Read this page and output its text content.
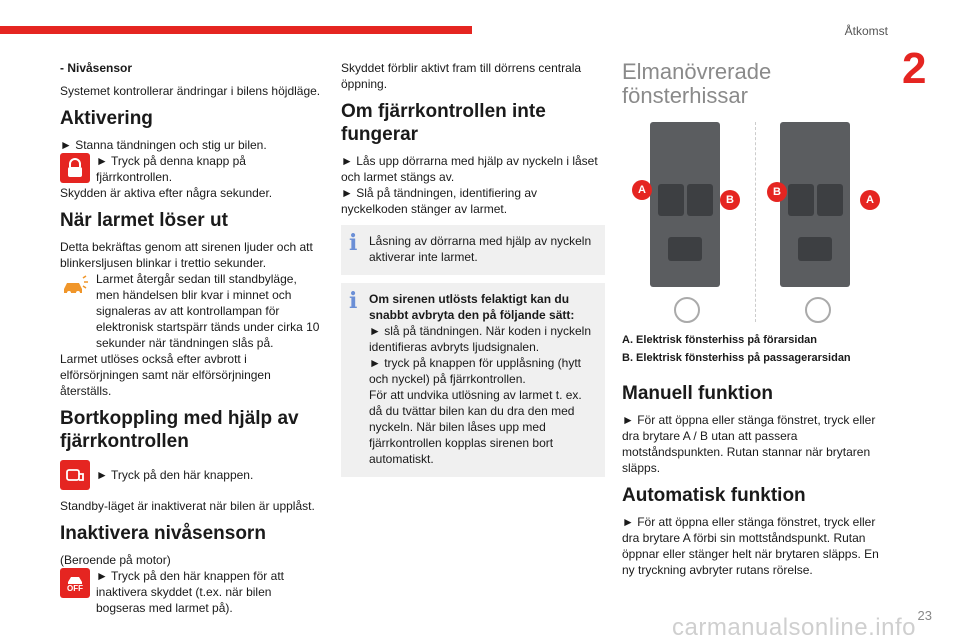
Åtkomst
2

- Nivåsensor

Systemet kontrollerar ändringar i bilens höjdläge.

Aktivering

► Stanna tändningen och stig ur bilen.

► Tryck på denna knapp på fjärrkontrollen.

Skydden är aktiva efter några sekunder.

När larmet löser ut

Detta bekräftas genom att sirenen ljuder och att blinkersljusen blinkar i trettio sekunder.

Larmet återgår sedan till standbyläge, men händelsen blir kvar i minnet och signaleras av att kontrollampan för elektronisk startspärr tänds under cirka 10 sekunder när tändningen slås på.

Larmet utlöses också efter avbrott i elförsörjningen samt när elförsörjningen återställs.

Bortkoppling med hjälp av fjärrkontrollen

► Tryck på den här knappen.

Standby-läget är inaktiverat när bilen är upplåst.

Inaktivera nivåsensorn

(Beroende på motor)

OFF

► Tryck på den här knappen för att inaktivera skyddet (t.ex. när bilen bogseras med larmet på).

Skyddet förblir aktivt fram till dörrens centrala öppning.

Om fjärrkontrollen inte fungerar

► Lås upp dörrarna med hjälp av nyckeln i låset och larmet stängs av.

► Slå på tändningen, identifiering av nyckelkoden stänger av larmet.

i Låsning av dörrarna med hjälp av nyckeln aktiverar inte larmet.

i Om sirenen utlösts felaktigt kan du snabbt avbryta den på följande sätt:

► slå på tändningen. När koden i nyckeln identifieras avbryts ljudsignalen.

► tryck på knappen för upplåsning (hytt och nyckel) på fjärrkontrollen.

För att undvika utlösning av larmet t. ex. då du tvättar bilen kan du dra den med nyckeln. När bilen låses upp med fjärrkontrollen kopplas sirenen bort automatiskt.

Elmanövrerade fönsterhissar
A
B
B
A

A. Elektrisk fönsterhiss på förarsidan

B. Elektrisk fönsterhiss på passagerarsidan

Manuell funktion

► För att öppna eller stänga fönstret, tryck eller dra brytare A / B utan att passera motståndspunkten. Rutan stannar när brytaren släpps.

Automatisk funktion

► För att öppna eller stänga fönstret, tryck eller dra brytare A förbi sin mottståndspunkt. Rutan öppnar eller stänger helt när brytaren släpps. En ny tryckning avbryter rutans rörelse.

carmanualsonline.info 23
